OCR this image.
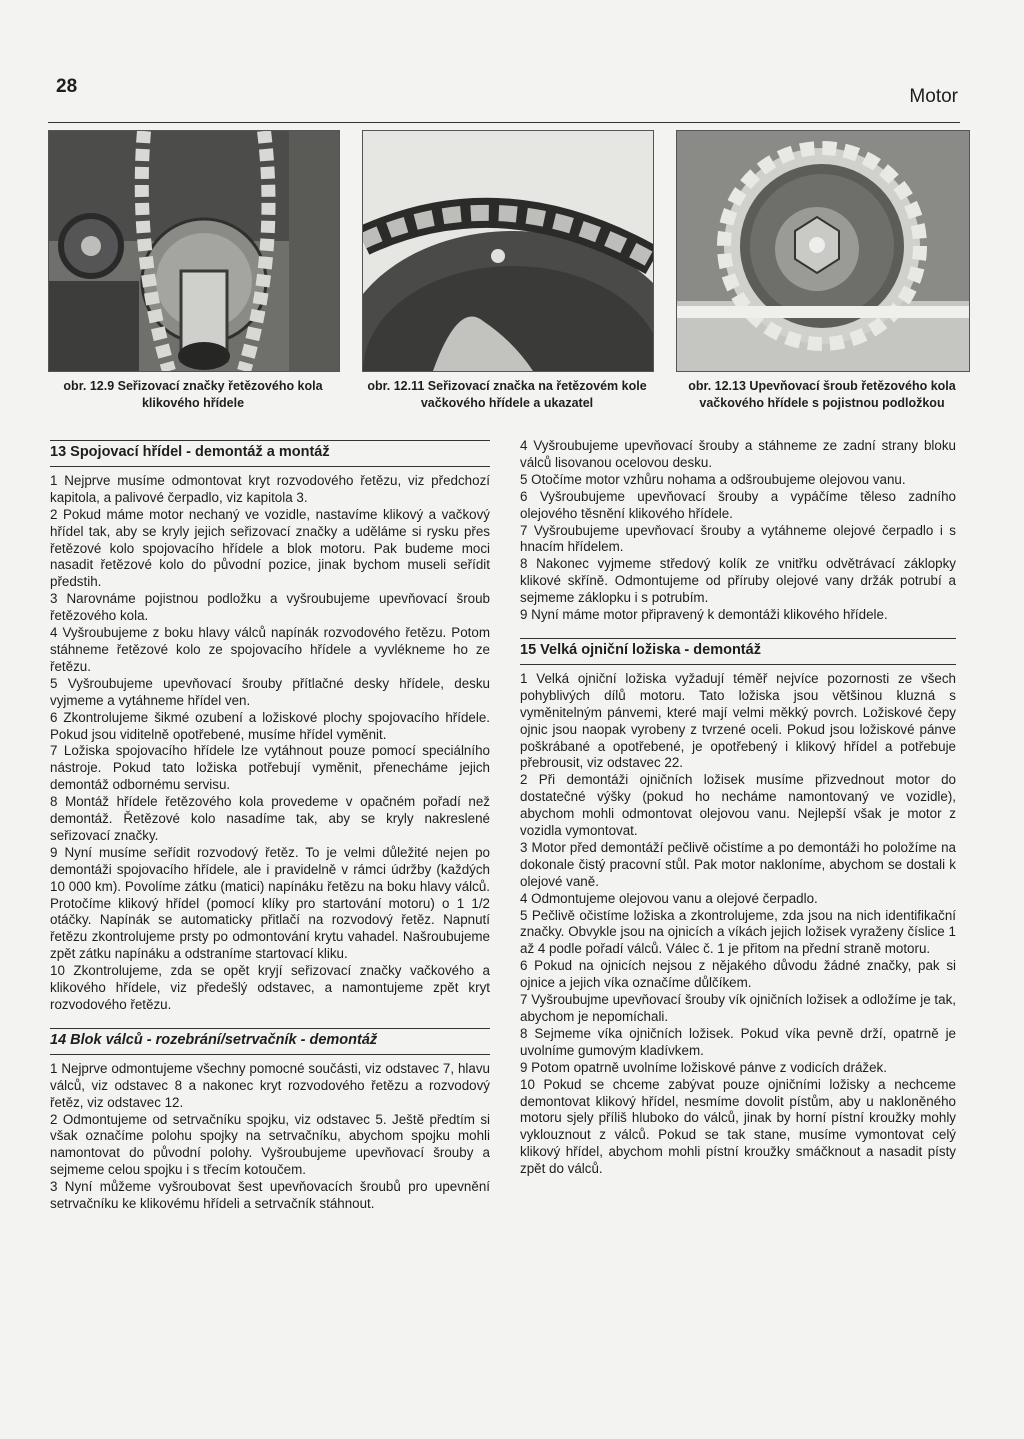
28	Motor
obr. 12.9 Seřizovací značky řetězového kola klikového hřídele
obr. 12.11 Seřizovací značka na řetězovém kole vačkového hřídele a ukazatel
obr. 12.13 Upevňovací šroub řetězového kola vačkového hřídele s pojistnou podložkou
13 Spojovací hřídel - demontáž a montáž

1 Nejprve musíme odmontovat kryt rozvodového řetězu, viz předchozí kapitola, a palivové čerpadlo, viz kapitola 3.

2 Pokud máme motor nechaný ve vozidle, nastavíme klikový a vačkový hřídel tak, aby se kryly jejich seřizovací značky a uděláme si rysku přes řetězové kolo spojovacího hřídele a blok motoru. Pak budeme moci nasadit řetězové kolo do původní pozice, jinak bychom museli seřídit předstih.

3 Narovnáme pojistnou podložku a vyšroubujeme upevňovací šroub řetězového kola.

4 Vyšroubujeme z boku hlavy válců napínák rozvodového řetězu. Potom stáhneme řetězové kolo ze spojovacího hřídele a vyvlékneme ho ze řetězu.

5 Vyšroubujeme upevňovací šrouby přítlačné desky hřídele, desku vyjmeme a vytáhneme hřídel ven.

6 Zkontrolujeme šikmé ozubení a ložiskové plochy spojovacího hřídele. Pokud jsou viditelně opotřebené, musíme hřídel vyměnit.

7 Ložiska spojovacího hřídele lze vytáhnout pouze pomocí speciálního nástroje. Pokud tato ložiska potřebují vyměnit, přenecháme jejich demontáž odbornému servisu.

8 Montáž hřídele řetězového kola provedeme v opačném pořadí než demontáž. Řetězové kolo nasadíme tak, aby se kryly nakreslené seřizovací značky.

9 Nyní musíme seřídit rozvodový řetěz. To je velmi důležité nejen po demontáži spojovacího hřídele, ale i pravidelně v rámci údržby (každých 10 000 km). Povolíme zátku (matici) napínáku řetězu na boku hlavy válců. Protočíme klikový hřídel (pomocí klíky pro startování motoru) o 1 1/2 otáčky. Napínák se automaticky přitlačí na rozvodový řetěz. Napnutí řetězu zkontrolujeme prsty po odmontování krytu vahadel. Našroubujeme zpět zátku napínáku a odstraníme startovací kliku.

10 Zkontrolujeme, zda se opět kryjí seřizovací značky vačkového a klikového hřídele, viz předešlý odstavec, a namontujeme zpět kryt rozvodového řetězu.

14 Blok válců - rozebrání/setrvačník - demontáž

1 Nejprve odmontujeme všechny pomocné součásti, viz odstavec 7, hlavu válců, viz odstavec 8 a nakonec kryt rozvodového řetězu a rozvodový řetěz, viz odstavec 12.

2 Odmontujeme od setrvačníku spojku, viz odstavec 5. Ještě předtím si však označíme polohu spojky na setrvačníku, abychom spojku mohli namontovat do původní polohy. Vyšroubujeme upevňovací šrouby a sejmeme celou spojku i s třecím kotoučem.

3 Nyní můžeme vyšroubovat šest upevňovacích šroubů pro upevnění setrvačníku ke klikovému hřídeli a setrvačník stáhnout.

4 Vyšroubujeme upevňovací šrouby a stáhneme ze zadní strany bloku válců lisovanou ocelovou desku.

5 Otočíme motor vzhůru nohama a odšroubujeme olejovou vanu.

6 Vyšroubujeme upevňovací šrouby a vypáčíme těleso zadního olejového těsnění klikového hřídele.

7 Vyšroubujeme upevňovací šrouby a vytáhneme olejové čerpadlo i s hnacím hřídelem.

8 Nakonec vyjmeme středový kolík ze vnitřku odvětrávací záklopky klikové skříně. Odmontujeme od příruby olejové vany držák potrubí a sejmeme záklopku i s potrubím.

9 Nyní máme motor připravený k demontáži klikového hřídele.

15 Velká ojniční ložiska - demontáž

1 Velká ojniční ložiska vyžadují téměř nejvíce pozornosti ze všech pohyblivých dílů motoru. Tato ložiska jsou většinou kluzná s vyměnitelným pánvemi, které mají velmi měkký povrch. Ložiskové čepy ojnic jsou naopak vyrobeny z tvrzené oceli. Pokud jsou ložiskové pánve poškrábané a opotřebené, je opotřebený i klikový hřídel a potřebuje přebrousit, viz odstavec 22.

2 Při demontáži ojničních ložisek musíme přizvednout motor do dostatečné výšky (pokud ho necháme namontovaný ve vozidle), abychom mohli odmontovat olejovou vanu. Nejlepší však je motor z vozidla vymontovat.

3 Motor před demontáží pečlivě očistíme a po demontáži ho položíme na dokonale čistý pracovní stůl. Pak motor nakloníme, abychom se dostali k olejové vaně.

4 Odmontujeme olejovou vanu a olejové čerpadlo.

5 Pečlivě očistíme ložiska a zkontrolujeme, zda jsou na nich identifikační značky. Obvykle jsou na ojnicích a víkách jejich ložisek vyraženy číslice 1 až 4 podle pořadí válců. Válec č. 1 je přitom na přední straně motoru.

6 Pokud na ojnicích nejsou z nějakého důvodu žádné značky, pak si ojnice a jejich víka označíme důlčíkem.

7 Vyšroubujme upevňovací šrouby vík ojničních ložisek a odložíme je tak, abychom je nepomíchali.

8 Sejmeme víka ojničních ložisek. Pokud víka pevně drží, opatrně je uvolníme gumovým kladívkem.

9 Potom opatrně uvolníme ložiskové pánve z vodicích drážek.

10 Pokud se chceme zabývat pouze ojničními ložisky a nechceme demontovat klikový hřídel, nesmíme dovolit pístům, aby u nakloněného motoru sjely příliš hluboko do válců, jinak by horní pístní kroužky mohly vyklouznout z válců. Pokud se tak stane, musíme vymontovat celý klikový hřídel, abychom mohli pístní kroužky smáčknout a nasadit písty zpět do válců.
